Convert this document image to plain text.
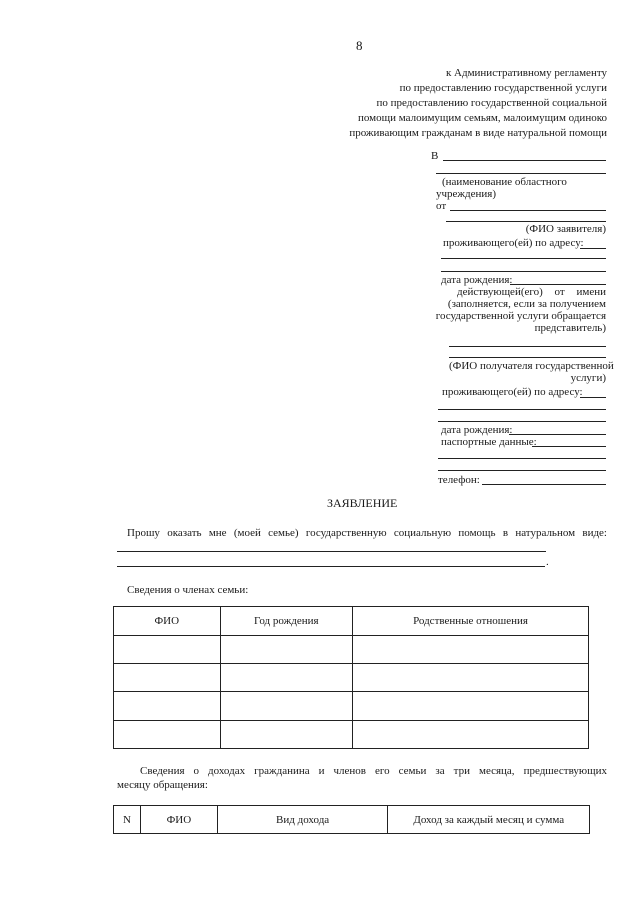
8
к Административному регламенту
по предоставлению государственной услуги
по предоставлению государственной социальной
помощи малоимущим семьям, малоимущим одиноко
проживающим гражданам в виде натуральной помощи
В
(наименование областного
учреждения)
от
(ФИО заявителя)
проживающего(ей) по адресу:
дата рождения:
действующей(его) от имени
(заполняется, если за получением
государственной услуги обращается
представитель)
(ФИО получателя государственной
услуги)
проживающего(ей) по адресу:
дата рождения:
паспортные данные:
телефон:
ЗАЯВЛЕНИЕ
Прошу оказать мне (моей семье) государственную социальную помощь в натуральном виде:
.
Сведения о членах семьи:
ФИО	Год рождения	Родственные отношения

Сведения о доходах гражданина и членов его семьи за три месяца, предшествующих
месяцу обращения:
N	ФИО	Вид дохода	Доход за каждый месяц и сумма
